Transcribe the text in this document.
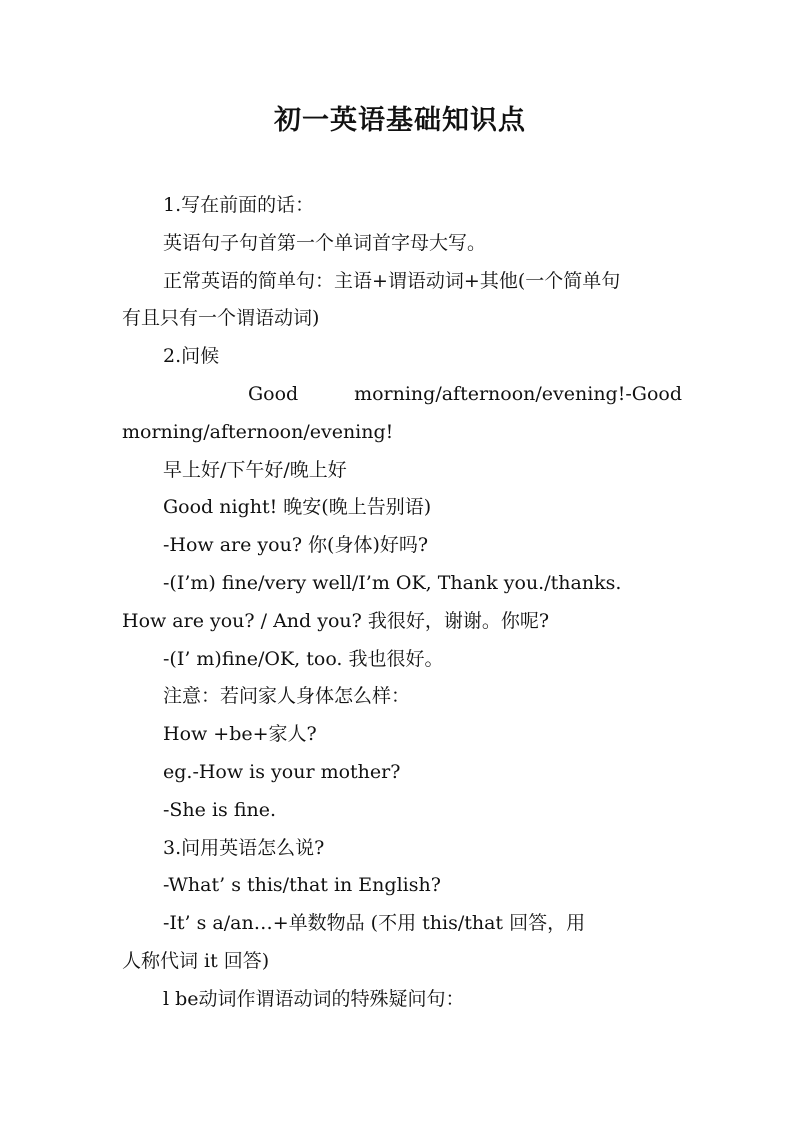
初一英语基础知识点
1.写在前面的话：
英语句子句首第一个单词首字母大写。
正常英语的简单句：主语+谓语动词+其他(一个简单句
有且只有一个谓语动词)
2.问候
Good	morning/afternoon/evening!-Good
morning/afternoon/evening!
早上好/下午好/晚上好
Good night! 晚安(晚上告别语)
-How are you? 你(身体)好吗?
-(I’m) fine/very well/I’m OK, Thank you./thanks.
How are you? / And you? 我很好，谢谢。你呢?
-(I’ m)fine/OK, too. 我也很好。
注意：若问家人身体怎么样：
How +be+家人?
eg.-How is your mother?
-She is fine.
3.问用英语怎么说?
-What’ s this/that in English?
-It’ s a/an…+单数物品 (不用 this/that 回答，用
人称代词 it 回答)
l be动词作谓语动词的特殊疑问句：
